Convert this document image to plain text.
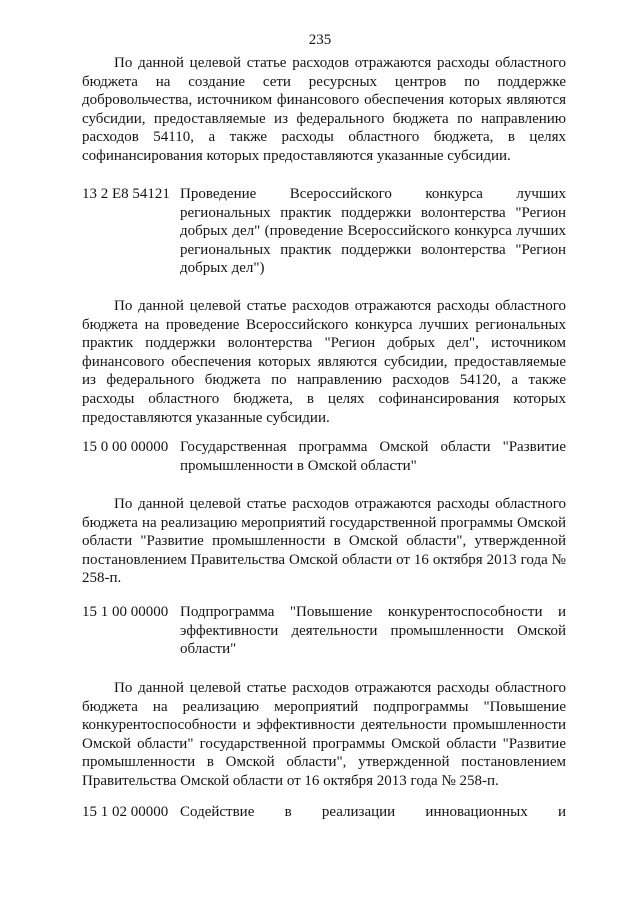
235

По данной целевой статье расходов отражаются расходы областного бюджета на создание сети ресурсных центров по поддержке добровольчества, источником финансового обеспечения которых являются субсидии, предоставляемые из федерального бюджета по направлению расходов 54110, а также расходы областного бюджета, в целях софинансирования которых предоставляются указанные субсидии.

13 2 Е8 54121 Проведение Всероссийского конкурса лучших региональных практик поддержки волонтерства "Регион добрых дел" (проведение Всероссийского конкурса лучших региональных практик поддержки волонтерства "Регион добрых дел")

По данной целевой статье расходов отражаются расходы областного бюджета на проведение Всероссийского конкурса лучших региональных практик поддержки волонтерства "Регион добрых дел", источником финансового обеспечения которых являются субсидии, предоставляемые из федерального бюджета по направлению расходов 54120, а также расходы областного бюджета, в целях софинансирования которых предоставляются указанные субсидии.

15 0 00 00000 Государственная программа Омской области "Развитие промышленности в Омской области"

По данной целевой статье расходов отражаются расходы областного бюджета на реализацию мероприятий государственной программы Омской области "Развитие промышленности в Омской области", утвержденной постановлением Правительства Омской области от 16 октября 2013 года № 258-п.

15 1 00 00000 Подпрограмма "Повышение конкурентоспособности и эффективности деятельности промышленности Омской области"

По данной целевой статье расходов отражаются расходы областного бюджета на реализацию мероприятий подпрограммы "Повышение конкурентоспособности и эффективности деятельности промышленности Омской области" государственной программы Омской области "Развитие промышленности в Омской области", утвержденной постановлением Правительства Омской области от 16 октября 2013 года № 258-п.

15 1 02 00000 Содействие в реализации инновационных и
